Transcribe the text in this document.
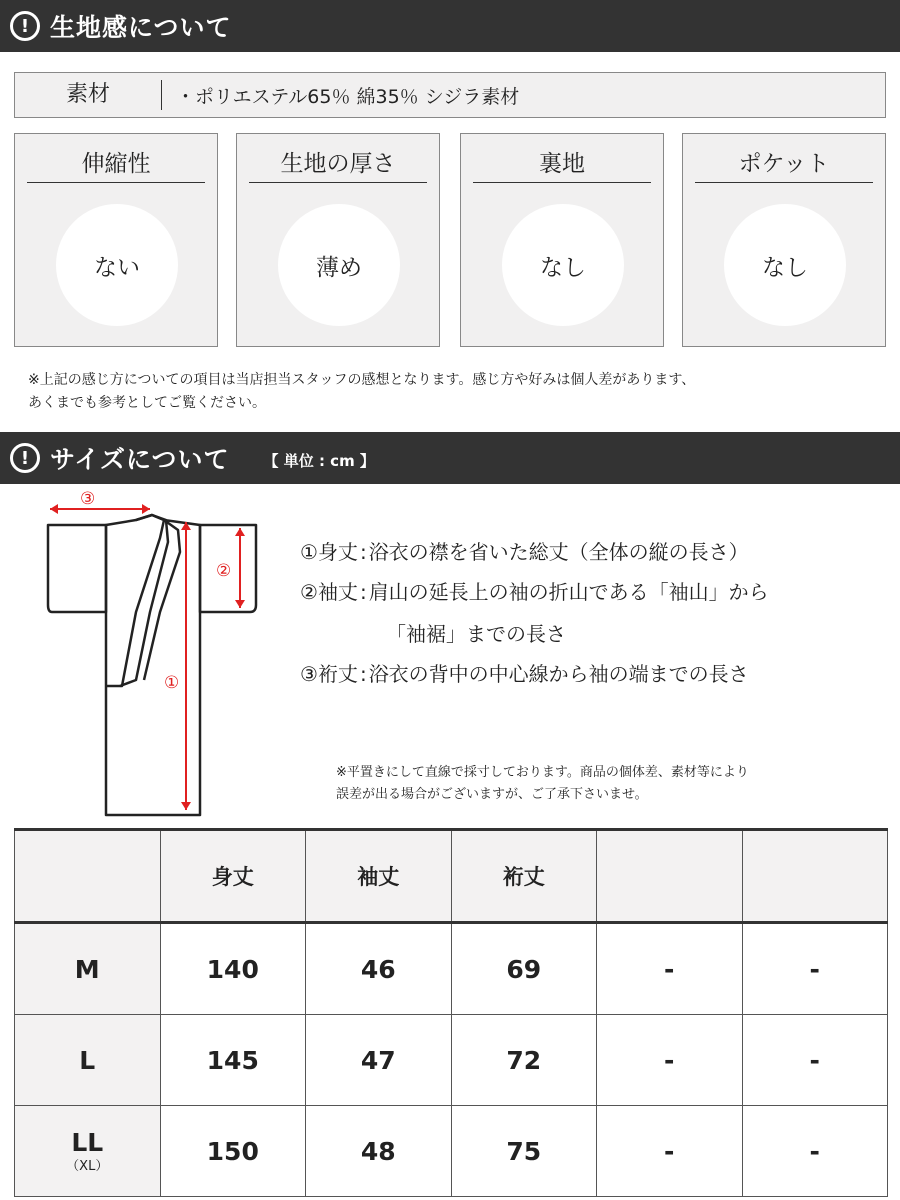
! 生地感について
素材	・ポリエステル65％ 綿35％ シジラ素材
伸縮性
ない
生地の厚さ
薄め
裏地
なし
ポケット
なし
※上記の感じ方についての項目は当店担当スタッフの感想となります。感じ方や好みは個人差があります、
あくまでも参考としてご覧ください。
! サイズについて 【 単位 : cm 】
③
②
①
①身丈 : 浴衣の襟を省いた総丈（全体の縦の長さ）
②袖丈 : 肩山の延長上の袖の折山である「袖山」から
「袖裾」までの長さ
③裄丈 : 浴衣の背中の中心線から袖の端までの長さ
※平置きにして直線で採寸しております。商品の個体差、素材等により
誤差が出る場合がございますが、ご了承下さいませ。
	身丈	袖丈	裄丈		
M	140	46	69	-	-
L	145	47	72	-	-
LL
（XL）	150	48	75	-	-
